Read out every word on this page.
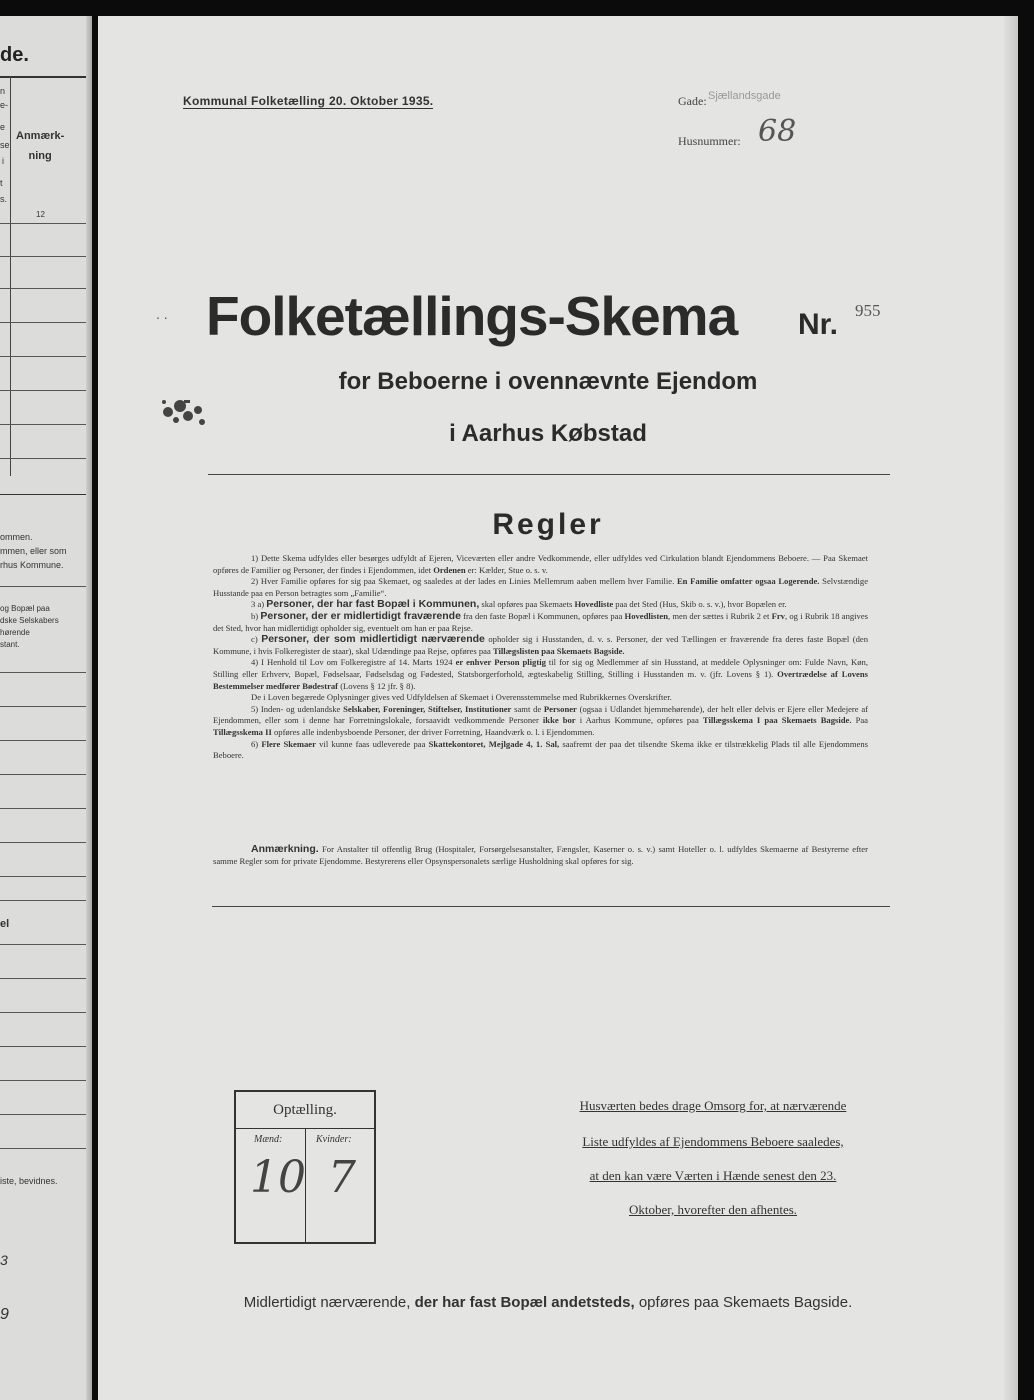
de.
n
e-
e
se
i
t
s.
Anmærk-
ning
12
ommen.
mmen, eller som
rhus Kommune.
og Bopæl paa
dske Selskabers
hørende
stant.
el
iste, bevidnes.
3
9
Kommunal Folketælling 20. Oktober 1935.	Gade: Sjællandsgade
Husnummer: 68
. . Folketællings-Skema Nr. 955
for Beboerne i ovennævnte Ejendom
i Aarhus Købstad
Regler

1) Dette Skema udfyldes eller besørges udfyldt af Ejeren, Viceværten eller andre Vedkommende, eller udfyldes ved Cirkulation blandt Ejendommens Beboere. — Paa Skemaet opføres de Familier og Personer, der findes i Ejendommen, idet Ordenen er: Kælder, Stue o. s. v.

2) Hver Familie opføres for sig paa Skemaet, og saaledes at der lades en Linies Mellemrum aaben mellem hver Familie. En Familie omfatter ogsaa Logerende. Selvstændige Husstande paa en Person betragtes som „Familie“.

3 a) Personer, der har fast Bopæl i Kommunen, skal opføres paa Skemaets Hovedliste paa det Sted (Hus, Skib o. s. v.), hvor Bopælen er.

b) Personer, der er midlertidigt fraværende fra den faste Bopæl i Kommunen, opføres paa Hovedlisten, men der sættes i Rubrik 2 et Frv, og i Rubrik 18 angives det Sted, hvor han midlertidigt opholder sig, eventuelt om han er paa Rejse.

c) Personer, der som midlertidigt nærværende opholder sig i Husstanden, d. v. s. Personer, der ved Tællingen er fraværende fra deres faste Bopæl (den Kommune, i hvis Folkeregister de staar), skal Udændinge paa Rejse, opføres paa Tillægslisten paa Skemaets Bagside.

4) I Henhold til Lov om Folkeregistre af 14. Marts 1924 er enhver Person pligtig til for sig og Medlemmer af sin Husstand, at meddele Oplysninger om: Fulde Navn, Køn, Stilling eller Erhverv, Bopæl, Fødselsaar, Fødselsdag og Fødested, Statsborgerforhold, ægteskabelig Stilling, Stilling i Husstanden m. v. (jfr. Lovens § 1). Overtrædelse af Lovens Bestemmelser medfører Bødestraf (Lovens § 12 jfr. § 8).

De i Loven begærede Oplysninger gives ved Udfyldelsen af Skemaet i Overensstemmelse med Rubrikkernes Overskrifter.

5) Inden- og udenlandske Selskaber, Foreninger, Stiftelser, Institutioner samt de Personer (ogsaa i Udlandet hjemmehørende), der helt eller delvis er Ejere eller Medejere af Ejendommen, eller som i denne har Forretningslokale, forsaavidt vedkommende Personer ikke bor i Aarhus Kommune, opføres paa Tillægsskema I paa Skemaets Bagside. Paa Tillægsskema II opføres alle indenbysboende Personer, der driver Forretning, Haandværk o. l. i Ejendommen.

6) Flere Skemaer vil kunne faas udleverede paa Skattekontoret, Mejlgade 4, 1. Sal, saafremt der paa det tilsendte Skema ikke er tilstrækkelig Plads til alle Ejendommens Beboere.

Anmærkning. For Anstalter til offentlig Brug (Hospitaler, Forsørgelsesanstalter, Fængsler, Kaserner o. s. v.) samt Hoteller o. l. udfyldes Skemaerne af Bestyrerne efter samme Regler som for private Ejendomme. Bestyrerens eller Opsynspersonalets særlige Husholdning skal opføres for sig.

Optælling.
Mænd:	Kvinder:
10 7
Husværten bedes drage Omsorg for, at nærværende
Liste udfyldes af Ejendommens Beboere saaledes,
at den kan være Værten i Hænde senest den 23.
Oktober, hvorefter den afhentes.
Midlertidigt nærværende, der har fast Bopæl andetsteds, opføres paa Skemaets Bagside.
